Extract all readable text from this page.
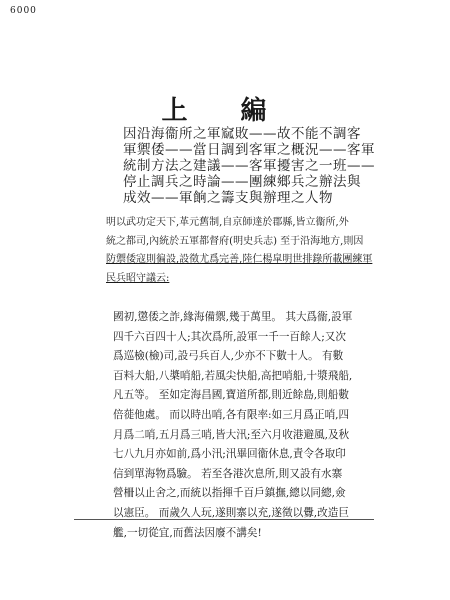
6000
上 編
因沿海衞所之軍窳敗——故不能不調客
軍禦倭——當日調到客軍之概況——客軍
統制方法之建議——客軍擾害之一班——
停止調兵之時論——團練鄉兵之辦法與
成效——軍餉之籌支與辦理之人物
明以武功定天下,革元舊制,自京師達於郡縣,皆立衞所,外
統之都司,內統於五軍都督府(明史兵志) 至于沿海地方,則因
防禦倭寇則徧設,設徵尤爲完善,陸仁楊皐明世排錄所載團練軍
民兵昭守議云:
國初,懲倭之詐,緣海備禦,幾于萬里。 其大爲衞,設軍
四千六百四十人;其次爲所,設軍一千一百餘人;又次
爲巡檢(檢)司,設弓兵百人,少亦不下數十人。 有數
百料大船,八槳哨船,若風尖快船,高把哨船,十漿飛船,
凡五等。 至如定海昌國,寶道所都,則近餘島,則船數
倍蓰他處。 而以時出哨,各有限率:如三月爲正哨,四
月爲二哨,五月爲三哨,皆大汛;至六月收港避風,及秋
七八九月亦如前,爲小汛;汛畢回衞休息,責令各取印
信到單海物爲驗。 若至各港次息所,則又設有水寨
營柵以止舍之,而統以指揮千百戶鎮撫,總以同總,僉
以憲臣。 而歲久人玩,遂則寨以充,遂徵以釁,改造巨
艦,一切從宜,而舊法因廢不講矣!
